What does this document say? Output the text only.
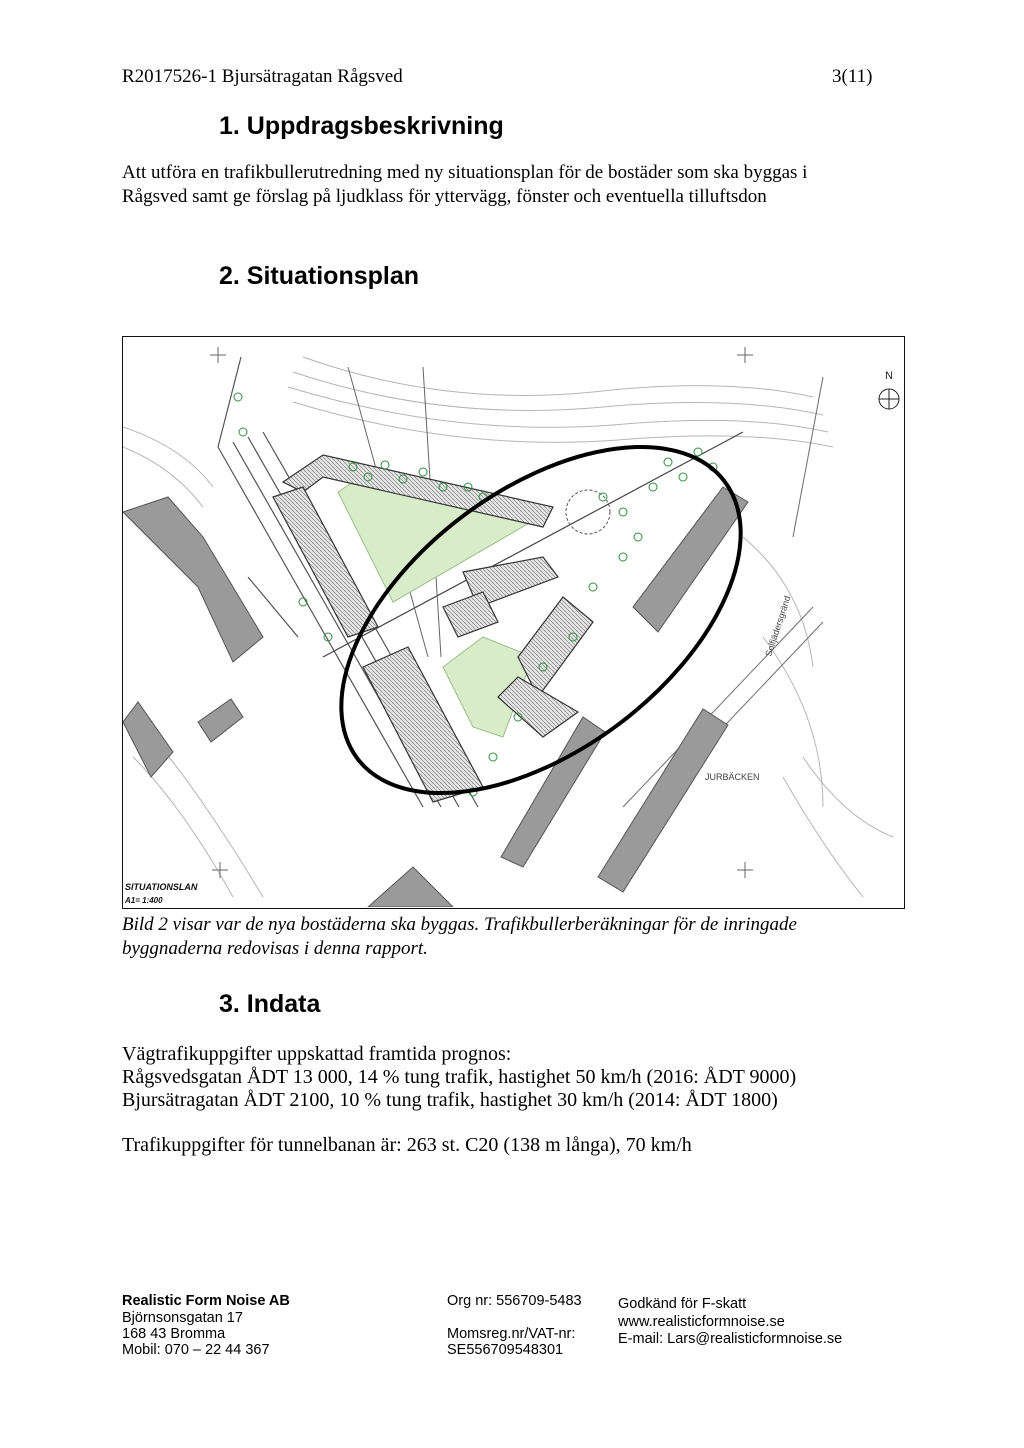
R2017526-1 Bjursätragatan Rågsved	3(11)
1. Uppdragsbeskrivning
Att utföra en trafikbullerutredning med ny situationsplan för de bostäder som ska byggas i
Rågsved samt ge förslag på ljudklass för yttervägg, fönster och eventuella tilluftsdon
2. Situationsplan
Solfjädersgränd
JURBÄCKEN
N
SITUATIONSLAN
A1= 1:400
Bild 2 visar var de nya bostäderna ska byggas. Trafikbullerberäkningar för de inringade
byggnaderna redovisas i denna rapport.
3. Indata
Vägtrafikuppgifter uppskattad framtida prognos:
Rågsvedsgatan ÅDT 13 000, 14 % tung trafik, hastighet 50 km/h (2016: ÅDT 9000)
Bjursätragatan ÅDT 2100, 10 % tung trafik, hastighet 30 km/h (2014: ÅDT 1800)
Trafikuppgifter för tunnelbanan är: 263 st. C20 (138 m långa), 70 km/h
Realistic Form Noise AB
Björnsonsgatan 17
168 43 Bromma
Mobil: 070 – 22 44 367
Org nr: 556709-5483
Momsreg.nr/VAT-nr:
SE556709548301
Godkänd för F-skatt
www.realisticformnoise.se
E-mail: Lars@realisticformnoise.se
